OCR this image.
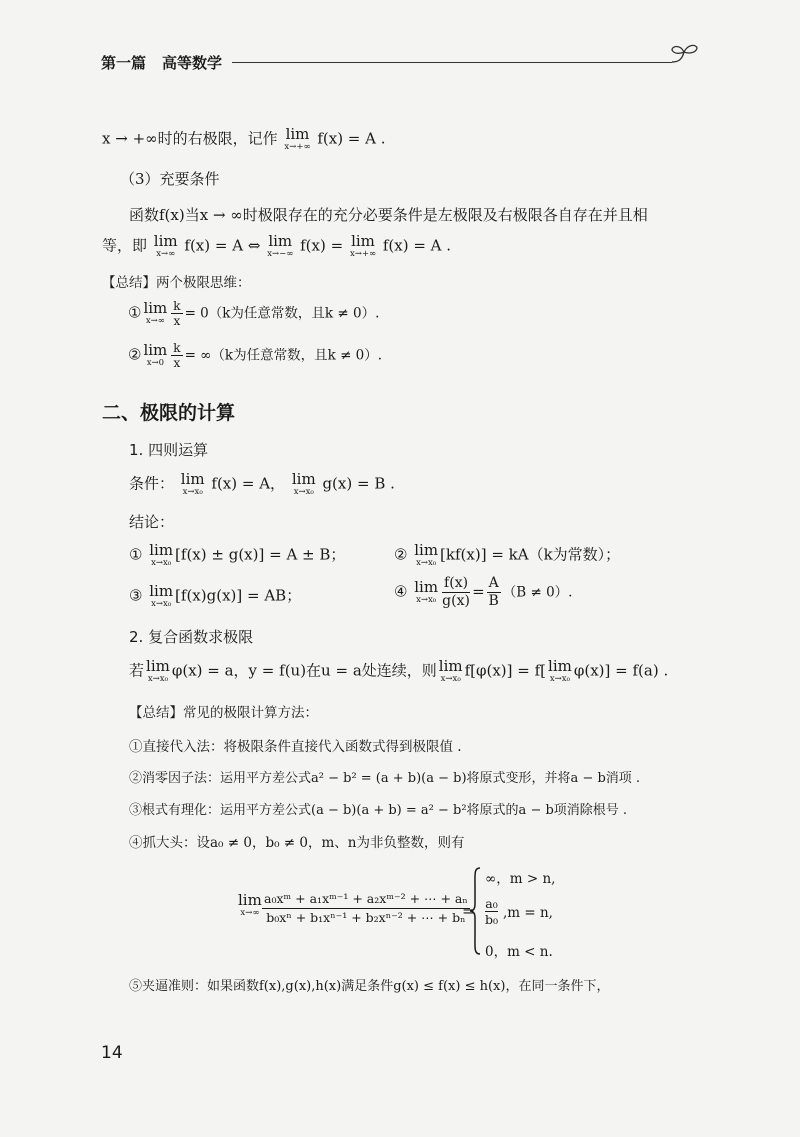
第一篇 高等数学
x → +∞时的右极限，记作 lim
x→+∞ f(x) = A .
（3）充要条件
函数f(x)当x → ∞时极限存在的充分必要条件是左极限及右极限各自存在并且相
等，即 lim
x→∞ f(x) = A ⇔ lim
x→−∞ f(x) = lim
x→+∞ f(x) = A .
【总结】两个极限思维：
① lim
$x\to\infty \frac{k}{x} = 0(k$为任意常数，且k ≠ 0）.
② lim
$x\to 0 \frac{k}{x} = \infty(k$为任意常数，且k ≠ 0）.
二、极限的计算
1. 四则运算
条件： lim
x→x₀ f(x) = A， lim
x→x₀ g(x) = B .
结论：
① lim
x→x₀ [f(x) ± g(x)] = A ± B；	② lim
x→x₀ [kf(x)] = kA（k为常数）；
③ lim
x→x₀ [f(x)g(x)] = AB；	④ lim
$x\to x_0 \frac{f(x)}{g(x)} = \frac{A}{B} (B \ne 0)$.
2. 复合函数求极限
若 lim
x→x₀ φ(x) = a，y = f(u)在u = a处连续，则 lim
x→x₀ f[φ(x)] = f[ lim
x→x₀ φ(x)] = f(a) .
【总结】常见的极限计算方法：
①直接代入法：将极限条件直接代入函数式得到极限值 .
②消零因子法：运用平方差公式a² − b² = (a + b)(a − b)将原式变形，并将a − b消项 .
③根式有理化：运用平方差公式(a − b)(a + b) = a² − b²将原式的a − b项消除根号 .
④抓大头：设a₀ ≠ 0，b₀ ≠ 0，m、n为非负整数，则有
lim
$x\to\infty \frac{\text{a₀xᵐ + a₁xᵐ⁻¹ + a₂xᵐ⁻² + ⋯ + aₙ}}{\text{b₀xⁿ + b₁xⁿ⁻¹ + b₂xⁿ⁻² + ⋯ + bₙ}}$
=
∞，m > n,
a₀
b₀ ,m = n,
0，m < n.
⑤夹逼准则：如果函数f(x),g(x),h(x)满足条件g(x) ≤ f(x) ≤ h(x)，在同一条件下，
14
